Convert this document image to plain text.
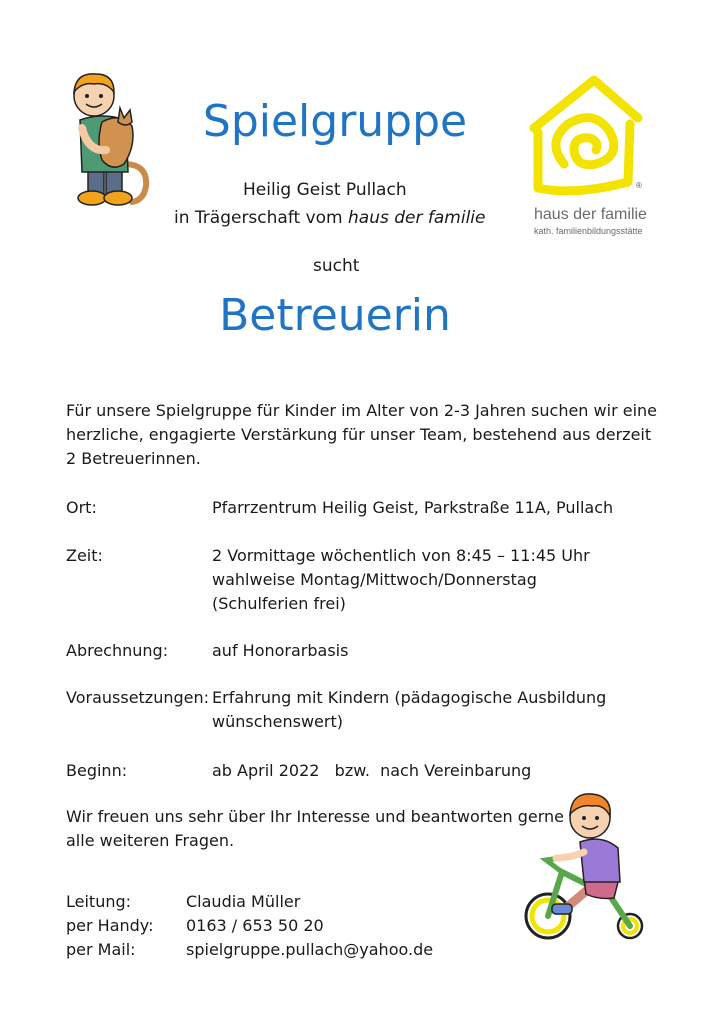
Spielgruppe
Heilig Geist Pullach
in Trägerschaft vom haus der familie
sucht
Betreuerin
®
haus der familie
kath. familienbildungsstätte
Für unsere Spielgruppe für Kinder im Alter von 2-3 Jahren suchen wir eine
herzliche, engagierte Verstärkung für unser Team, bestehend aus derzeit
2 Betreuerinnen.
Ort:	Pfarrzentrum Heilig Geist, Parkstraße 11A, Pullach
Zeit:	2 Vormittage wöchentlich von 8:45 – 11:45 Uhr
wahlweise Montag/Mittwoch/Donnerstag
(Schulferien frei)
Abrechnung:	auf Honorarbasis
Voraussetzungen: Erfahrung mit Kindern (pädagogische Ausbildung
wünschenswert)
Beginn:	ab April 2022   bzw.  nach Vereinbarung
Wir freuen uns sehr über Ihr Interesse und beantworten gerne
alle weiteren Fragen.
Leitung:	Claudia Müller
per Handy: 0163 / 653 50 20
per Mail:	spielgruppe.pullach@yahoo.de
